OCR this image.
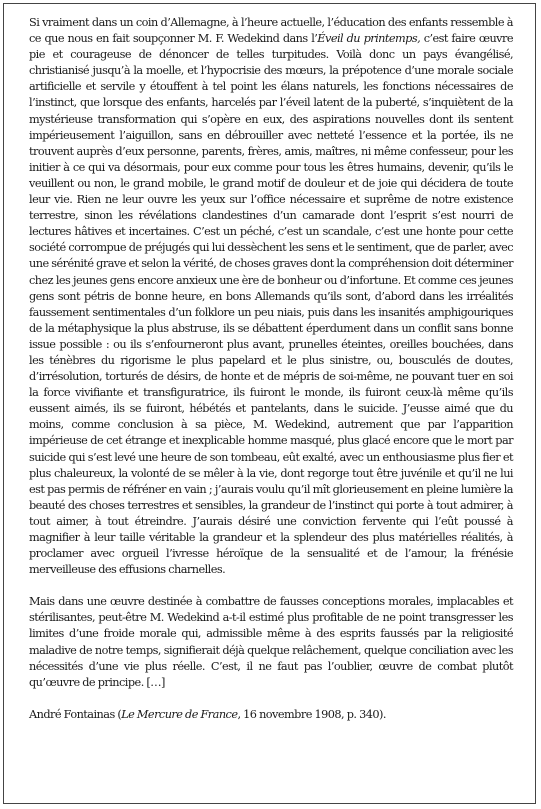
Si vraiment dans un coin d’Allemagne, à l’heure actuelle, l’éducation des enfants ressemble à ce que nous en fait soupçonner M. F. Wedekind dans l’Éveil du printemps, c’est faire œuvre pie et courageuse de dénoncer de telles turpitudes. Voilà donc un pays évangélisé, christianisé jusqu’à la moelle, et l’hypocrisie des mœurs, la prépotence d’une morale sociale artificielle et servile y étouffent à tel point les élans naturels, les fonctions nécessaires de l’instinct, que lorsque des enfants, harcelés par l’éveil latent de la puberté, s’inquiètent de la mystérieuse transformation qui s’opère en eux, des aspirations nouvelles dont ils sentent impérieusement l’aiguillon, sans en débrouiller avec netteté l’essence et la portée, ils ne trouvent auprès d’eux personne, parents, frères, amis, maîtres, ni même confesseur, pour les initier à ce qui va désormais, pour eux comme pour tous les êtres humains, devenir, qu’ils le veuillent ou non, le grand mobile, le grand motif de douleur et de joie qui décidera de toute leur vie. Rien ne leur ouvre les yeux sur l’office nécessaire et suprême de notre existence terrestre, sinon les révélations clandestines d’un camarade dont l’esprit s’est nourri de lectures hâtives et incertaines. C’est un péché, c’est un scandale, c’est une honte pour cette société corrompue de préjugés qui lui dessèchent les sens et le sentiment, que de parler, avec une sérénité grave et selon la vérité, de choses graves dont la compréhension doit déterminer chez les jeunes gens encore anxieux une ère de bonheur ou d’infortune. Et comme ces jeunes gens sont pétris de bonne heure, en bons Allemands qu’ils sont, d’abord dans les irréalités faussement sentimentales d’un folklore un peu niais, puis dans les insanités amphigouriques de la métaphysique la plus abstruse, ils se débattent éperdument dans un conflit sans bonne issue possible : ou ils s’enfourneront plus avant, prunelles éteintes, oreilles bouchées, dans les ténèbres du rigorisme le plus papelard et le plus sinistre, ou, bousculés de doutes, d’irrésolution, torturés de désirs, de honte et de mépris de soi-même, ne pouvant tuer en soi la force vivifiante et transfiguratrice, ils fuiront le monde, ils fuiront ceux-là même qu’ils eussent aimés, ils se fuiront, hébétés et pantelants, dans le suicide. J’eusse aimé que du moins, comme conclusion à sa pièce, M. Wedekind, autrement que par l’apparition impérieuse de cet étrange et inexplicable homme masqué, plus glacé encore que le mort par suicide qui s’est levé une heure de son tombeau, eût exalté, avec un enthousiasme plus fier et plus chaleureux, la volonté de se mêler à la vie, dont regorge tout être juvénile et qu’il ne lui est pas permis de réfréner en vain ; j’aurais voulu qu’il mît glorieusement en pleine lumière la beauté des choses terrestres et sensibles, la grandeur de l’instinct qui porte à tout admirer, à tout aimer, à tout étreindre. J’aurais désiré une conviction fervente qui l’eût poussé à magnifier à leur taille véritable la grandeur et la splendeur des plus matérielles réalités, à proclamer avec orgueil l’ivresse héroïque de la sensualité et de l’amour, la frénésie merveilleuse des effusions charnelles.

Mais dans une œuvre destinée à combattre de fausses conceptions morales, implacables et stérilisantes, peut-être M. Wedekind a-t-il estimé plus profitable de ne point transgresser les limites d’une froide morale qui, admissible même à des esprits faussés par la religiosité maladive de notre temps, signifierait déjà quelque relâchement, quelque conciliation avec les nécessités d’une vie plus réelle. C’est, il ne faut pas l’oublier, œuvre de combat plutôt qu’œuvre de principe. […]

André Fontainas (Le Mercure de France, 16 novembre 1908, p. 340).
